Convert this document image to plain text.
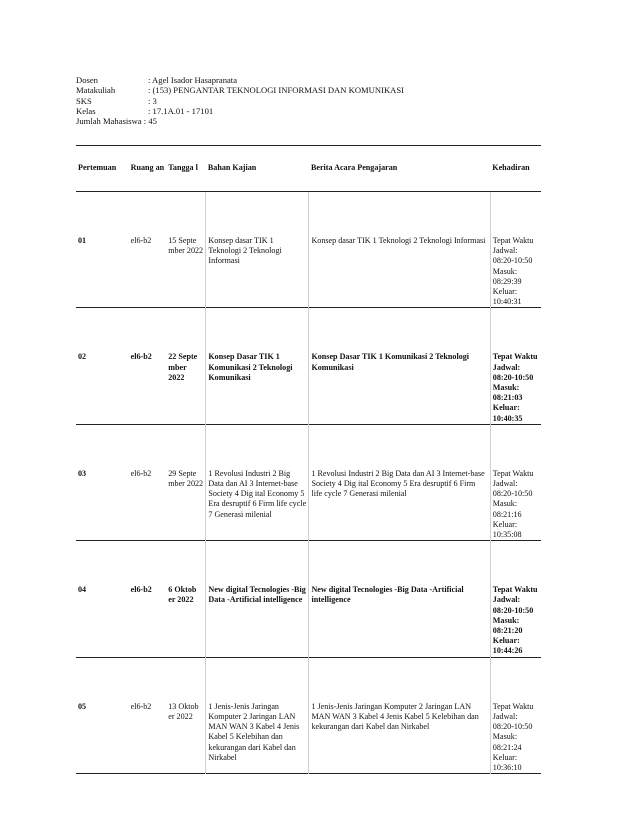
Dosen	: Agel Isador Hasapranata
Matakuliah	: (153) PENGANTAR TEKNOLOGI INFORMASI DAN KOMUNIKASI
SKS	: 3
Kelas	: 17.1A.01 - 17101
Jumlah Mahasiswa : 45
Pertemuan	Ruang an	Tangga l	Bahan Kajian	Berita Acara Pengajaran	Kehadiran
01	el6-b2	15 Septe mber 2022	Konsep dasar TIK 1 Teknologi 2 Teknologi Informasi	Konsep dasar TIK 1 Teknologi 2 Teknologi Informasi	Tepat Waktu Jadwal: 08:20-10:50 Masuk: 08:29:39 Keluar: 10:40:31
02	el6-b2	22 Septe mber 2022	Konsep Dasar TIK 1 Komunikasi 2 Teknologi Komunikasi	Konsep Dasar TIK 1 Komunikasi 2 Teknologi Komunikasi	Tepat Waktu Jadwal: 08:20-10:50 Masuk: 08:21:03 Keluar: 10:40:35
03	el6-b2	29 Septe mber 2022	1 Revolusi Industri 2 Big Data dan AI 3 Internet-base Society 4 Dig ital Economy 5 Era desruptif 6 Firm life cycle 7 Generasi milenial	1 Revolusi Industri 2 Big Data dan AI 3 Internet-base Society 4 Dig ital Economy 5 Era desruptif 6 Firm life cycle 7 Generasi milenial	Tepat Waktu Jadwal: 08:20-10:50 Masuk: 08:21:16 Keluar: 10:35:08
04	el6-b2	6 Oktob er 2022	New digital Tecnologies -Big Data -Artificial intelligence	New digital Tecnologies -Big Data -Artificial intelligence	Tepat Waktu Jadwal: 08:20-10:50 Masuk: 08:21:20 Keluar: 10:44:26
05	el6-b2	13 Oktob er 2022	1 Jenis-Jenis Jaringan Komputer 2 Jaringan LAN MAN WAN 3 Kabel 4 Jenis Kabel 5 Kelebihan dan kekurangan dari Kabel dan Nirkabel	1 Jenis-Jenis Jaringan Komputer 2 Jaringan LAN MAN WAN 3 Kabel 4 Jenis Kabel 5 Kelebihan dan kekurangan dari Kabel dan Nirkabel	Tepat Waktu Jadwal: 08:20-10:50 Masuk: 08:21:24 Keluar: 10:36:10
